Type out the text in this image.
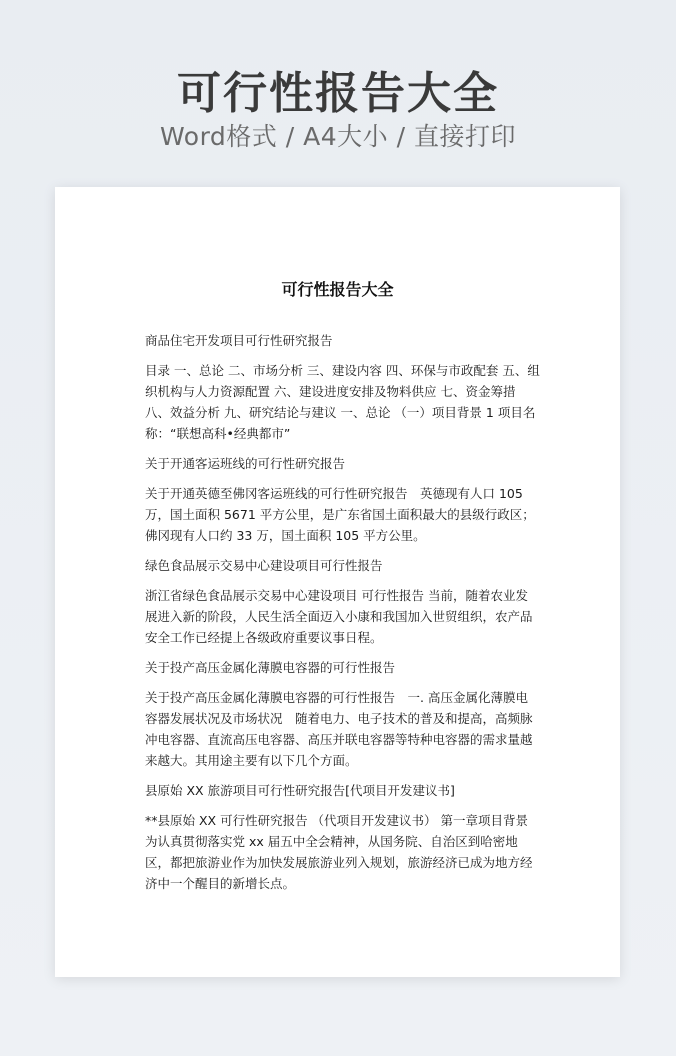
可行性报告大全
Word格式 / A4大小 / 直接打印
可行性报告大全

商品住宅开发项目可行性研究报告

目录 一、总论 二、市场分析 三、建设内容 四、环保与市政配套 五、组织机构与人力资源配置 六、建设进度安排及物料供应 七、资金筹措 八、效益分析 九、研究结论与建议 一、总论 （一）项目背景 1 项目名称：“联想高科•经典都市”

关于开通客运班线的可行性研究报告

关于开通英德至佛冈客运班线的可行性研究报告　英德现有人口 105 万，国土面积 5671 平方公里，是广东省国土面积最大的县级行政区；佛冈现有人口约 33 万，国土面积 105 平方公里。

绿色食品展示交易中心建设项目可行性报告

浙江省绿色食品展示交易中心建设项目 可行性报告 当前，随着农业发展进入新的阶段，人民生活全面迈入小康和我国加入世贸组织，农产品安全工作已经提上各级政府重要议事日程。

关于投产高压金属化薄膜电容器的可行性报告

关于投产高压金属化薄膜电容器的可行性报告　一. 高压金属化薄膜电容器发展状况及市场状况　随着电力、电子技术的普及和提高，高频脉冲电容器、直流高压电容器、高压并联电容器等特种电容器的需求量越来越大。其用途主要有以下几个方面。

县原始 XX 旅游项目可行性研究报告[代项目开发建议书]

**县原始 XX 可行性研究报告 （代项目开发建议书） 第一章项目背景 为认真贯彻落实党 xx 届五中全会精神，从国务院、自治区到哈密地区，都把旅游业作为加快发展旅游业列入规划，旅游经济已成为地方经济中一个醒目的新增长点。
